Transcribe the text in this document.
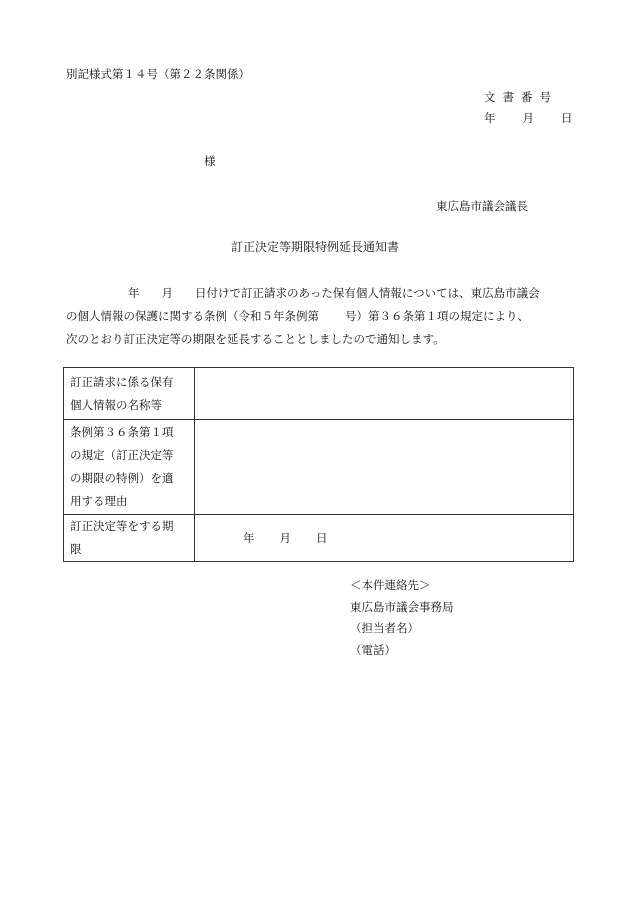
別記様式第１４号（第２２条関係）
文書番号
年 月 日
様
東広島市議会議長
訂正決定等期限特例延長通知書
年 月 日付けで訂正請求のあった保有個人情報については、東広島市議会
の個人情報の保護に関する条例（令和５年条例第 号）第３６条第１項の規定により、
次のとおり訂正決定等の期限を延長することとしましたので通知します。
訂正請求に係る保有
個人情報の名称等	

条例第３６条第１項
の規定（訂正決定等
の期限の特例）を適
用する理由	

訂正決定等をする期
限	年 月 日
＜本件連絡先＞
東広島市議会事務局
（担当者名）
（電話）
